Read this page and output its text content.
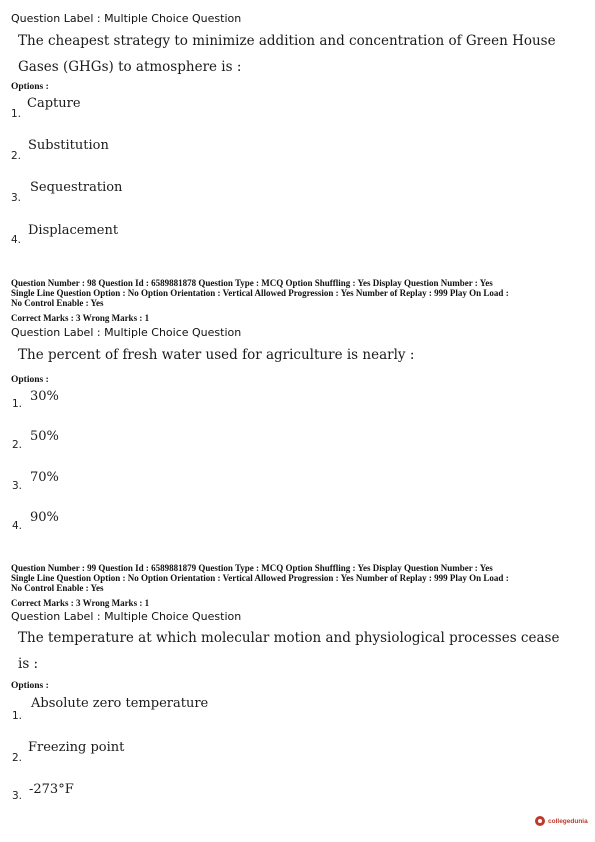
Question Label : Multiple Choice Question
The cheapest strategy to minimize addition and concentration of Green House
Gases (GHGs) to atmosphere is :
Options :
1.
Capture
2.
Substitution
3.
Sequestration
4.
Displacement
Question Number : 98 Question Id : 6589881878 Question Type : MCQ Option Shuffling : Yes Display Question Number : Yes
Single Line Question Option : No Option Orientation : Vertical Allowed Progression : Yes Number of Replay : 999 Play On Load :
No Control Enable : Yes
Correct Marks : 3 Wrong Marks : 1
Question Label : Multiple Choice Question
The percent of fresh water used for agriculture is nearly :
Options :
1. 30%
2.
50%
3.
70%
4.
90%
Question Number : 99 Question Id : 6589881879 Question Type : MCQ Option Shuffling : Yes Display Question Number : Yes
Single Line Question Option : No Option Orientation : Vertical Allowed Progression : Yes Number of Replay : 999 Play On Load :
No Control Enable : Yes
Correct Marks : 3 Wrong Marks : 1
Question Label : Multiple Choice Question
The temperature at which molecular motion and physiological processes cease
is :
Options :
1.
Absolute zero temperature
2.
Freezing point
3. -273°F
collegedunia
